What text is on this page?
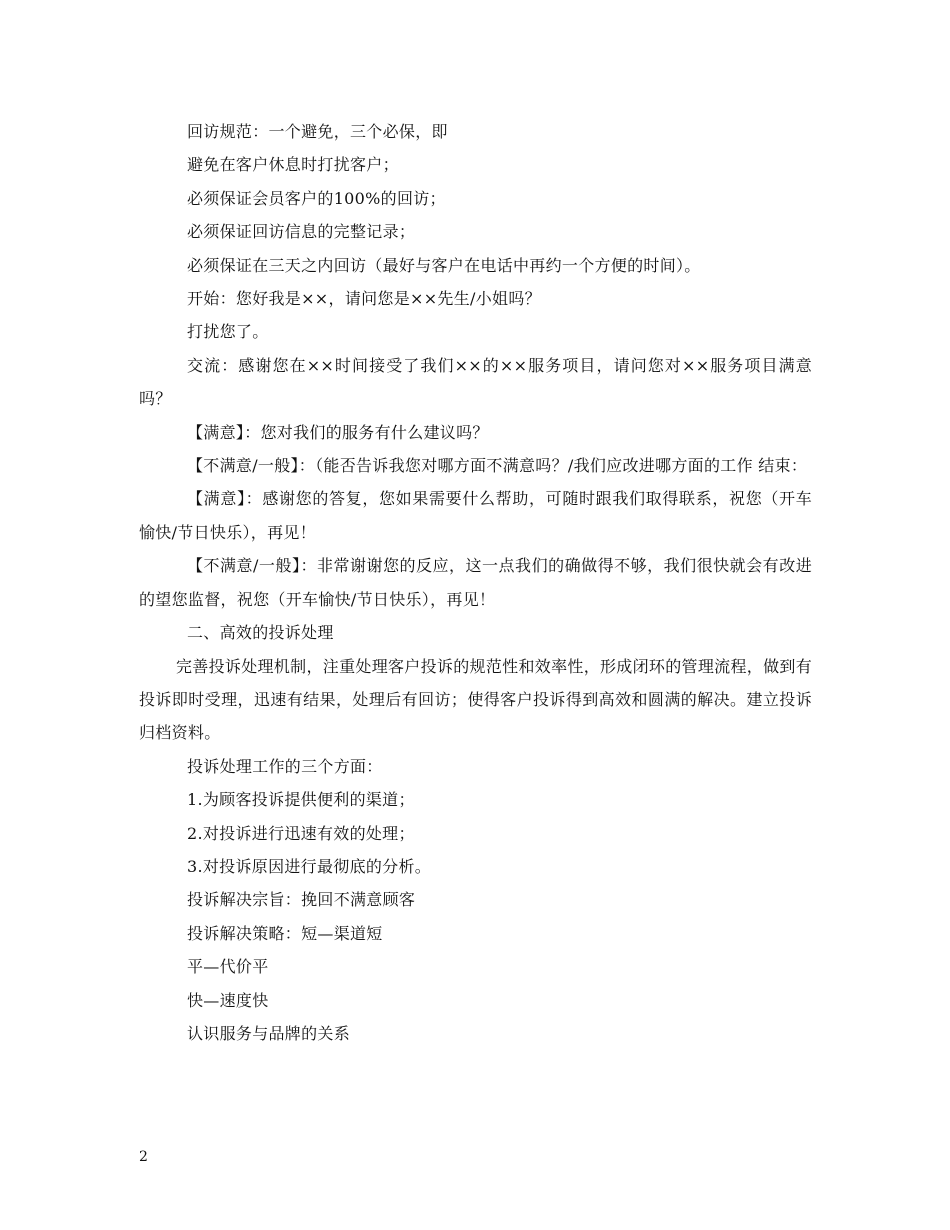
回访规范：一个避免，三个必保，即

避免在客户休息时打扰客户；

必须保证会员客户的100%的回访；

必须保证回访信息的完整记录；

必须保证在三天之内回访（最好与客户在电话中再约一个方便的时间）。

开始：您好我是××，请问您是××先生/小姐吗？

打扰您了。

交流：感谢您在××时间接受了我们××的××服务项目，请问您对××服务项目满意吗？

【满意】：您对我们的服务有什么建议吗？

【不满意/一般】：（能否告诉我您对哪方面不满意吗？/我们应改进哪方面的工作 结束：

【满意】：感谢您的答复，您如果需要什么帮助，可随时跟我们取得联系，祝您（开车愉快/节日快乐），再见！

【不满意/一般】：非常谢谢您的反应，这一点我们的确做得不够，我们很快就会有改进的望您监督，祝您（开车愉快/节日快乐），再见！

二、高效的投诉处理

完善投诉处理机制，注重处理客户投诉的规范性和效率性，形成闭环的管理流程，做到有投诉即时受理，迅速有结果，处理后有回访；使得客户投诉得到高效和圆满的解决。建立投诉归档资料。

投诉处理工作的三个方面：

1.为顾客投诉提供便利的渠道；

2.对投诉进行迅速有效的处理；

3.对投诉原因进行最彻底的分析。

投诉解决宗旨：挽回不满意顾客

投诉解决策略：短—渠道短

平—代价平

快—速度快

认识服务与品牌的关系

2
